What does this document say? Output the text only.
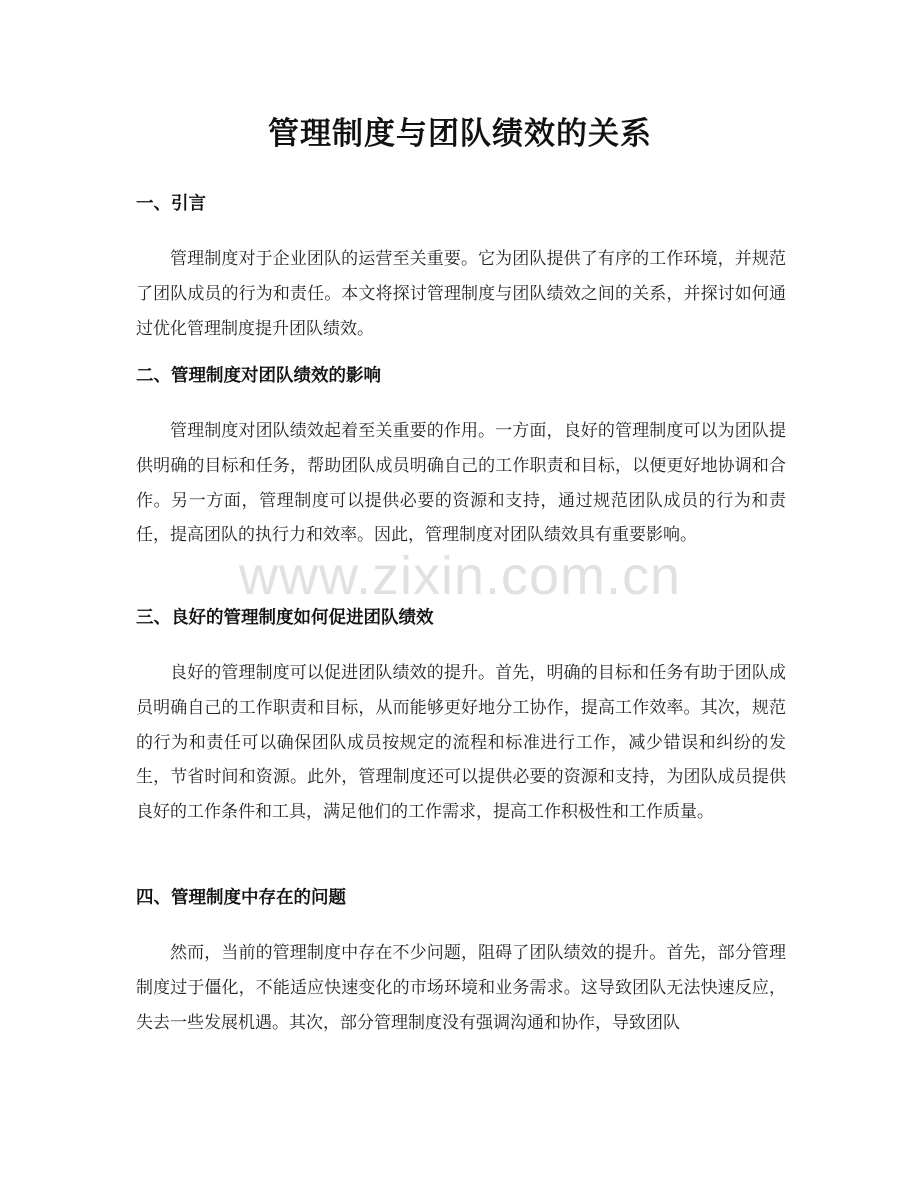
管理制度与团队绩效的关系
一、引言

管理制度对于企业团队的运营至关重要。它为团队提供了有序的工作环境，并规范了团队成员的行为和责任。本文将探讨管理制度与团队绩效之间的关系，并探讨如何通过优化管理制度提升团队绩效。

二、管理制度对团队绩效的影响

管理制度对团队绩效起着至关重要的作用。一方面，良好的管理制度可以为团队提供明确的目标和任务，帮助团队成员明确自己的工作职责和目标，以便更好地协调和合作。另一方面，管理制度可以提供必要的资源和支持，通过规范团队成员的行为和责任，提高团队的执行力和效率。因此，管理制度对团队绩效具有重要影响。

三、良好的管理制度如何促进团队绩效

良好的管理制度可以促进团队绩效的提升。首先，明确的目标和任务有助于团队成员明确自己的工作职责和目标，从而能够更好地分工协作，提高工作效率。其次，规范的行为和责任可以确保团队成员按规定的流程和标准进行工作，减少错误和纠纷的发生，节省时间和资源。此外，管理制度还可以提供必要的资源和支持，为团队成员提供良好的工作条件和工具，满足他们的工作需求，提高工作积极性和工作质量。

四、管理制度中存在的问题

然而，当前的管理制度中存在不少问题，阻碍了团队绩效的提升。首先，部分管理制度过于僵化，不能适应快速变化的市场环境和业务需求。这导致团队无法快速反应，失去一些发展机遇。其次，部分管理制度没有强调沟通和协作，导致团队

www.zixin.com.cn
